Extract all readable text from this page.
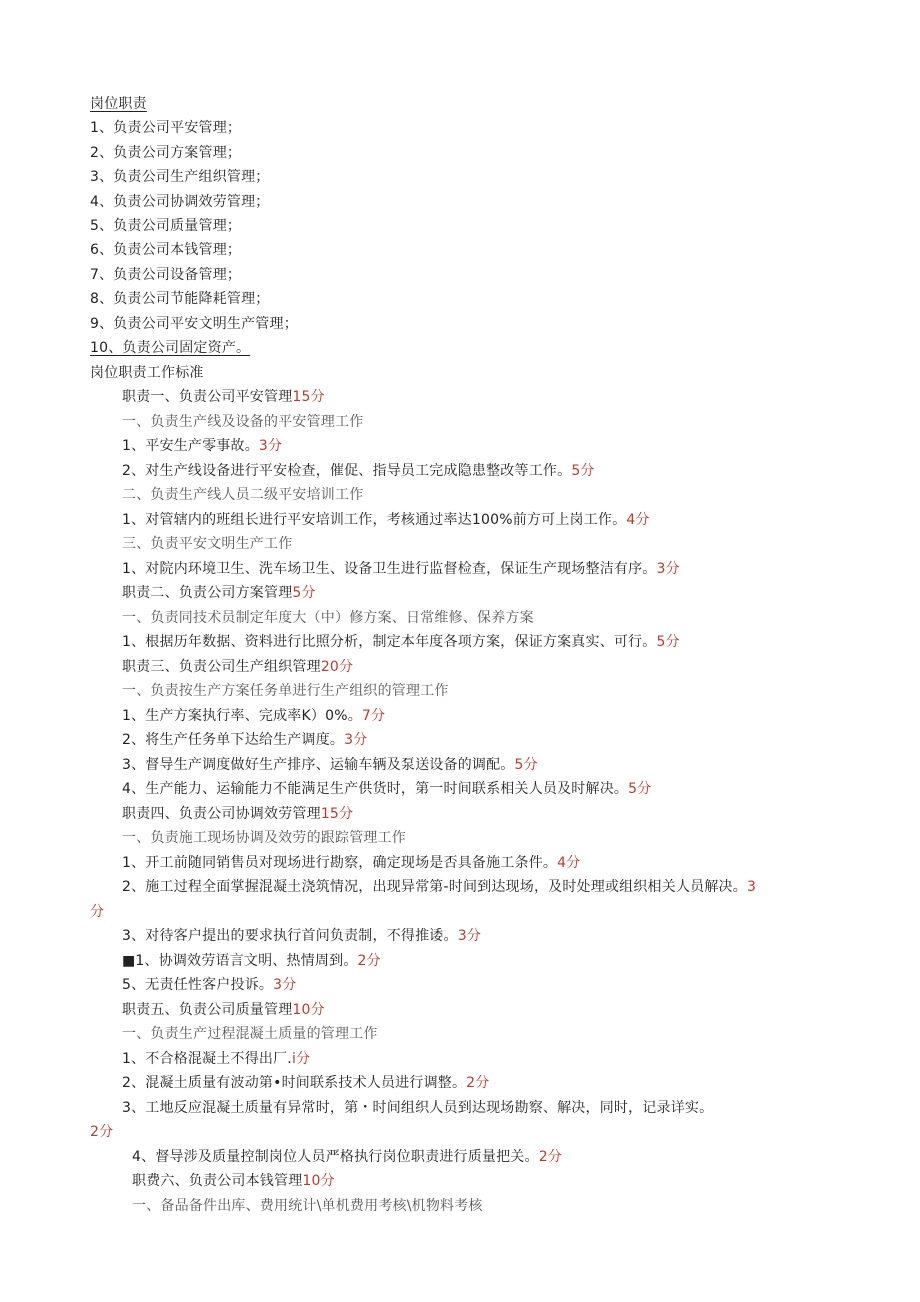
岗位职责
1、负责公司平安管理；
2、负责公司方案管理；
3、负责公司生产组织管理；
4、负责公司协调效劳管理；
5、负责公司质量管理；
6、负责公司本钱管理；
7、负责公司设备管理；
8、负责公司节能降耗管理；
9、负责公司平安文明生产管理；
10、负责公司固定资产。
岗位职责工作标准
职责一、负责公司平安管理15分
一、负责生产线及设备的平安管理工作
1、平安生产零事故。3分
2、对生产线设备进行平安检查，催促、指导员工完成隐患整改等工作。5分
二、负责生产线人员二级平安培训工作
1、对管辖内的班组长进行平安培训工作，考核通过率达100%前方可上岗工作。4分
三、负责平安文明生产工作
1、对院内环境卫生、洗车场卫生、设备卫生进行监督检查，保证生产现场整洁有序。3分
职责二、负责公司方案管理5分
一、负责同技术员制定年度大（中）修方案、日常维修、保养方案
1、根据历年数据、资料进行比照分析，制定本年度各项方案，保证方案真实、可行。5分
职责三、负责公司生产组织管理20分
一、负责按生产方案任务单进行生产组织的管理工作
1、生产方案执行率、完成率K）0%。7分
2、将生产任务单下达给生产调度。3分
3、督导生产调度做好生产排序、运输车辆及泵送设备的调配。5分
4、生产能力、运输能力不能满足生产供货时，第一时间联系相关人员及时解决。5分
职责四、负责公司协调效劳管理15分
一、负责施工现场协调及效劳的跟踪管理工作
1、开工前随同销售员对现场进行勘察，确定现场是否具备施工条件。4分
2、施工过程全面掌握混凝土浇筑情况，出现异常第-时间到达现场，及时处理或组织相关人员解决。3
分
3、对待客户提出的要求执行首问负责制，不得推诿。3分
■1、协调效劳语言文明、热情周到。2分
5、无责任性客户投诉。3分
职责五、负责公司质量管理10分
一、负责生产过程混凝土质量的管理工作
1、不合格混凝土不得出厂.i分
2、混凝土质量有波动第•时间联系技术人员进行调整。2分
3、工地反应混凝土质量有异常时，第・时间组织人员到达现场勘察、解决，同时，记录详实。
2分
4、督导涉及质量控制岗位人员严格执行岗位职责进行质量把关。2分
职费六、负责公司本钱管理10分
一、备品备件出库、费用统计\单机费用考核\机物料考核
